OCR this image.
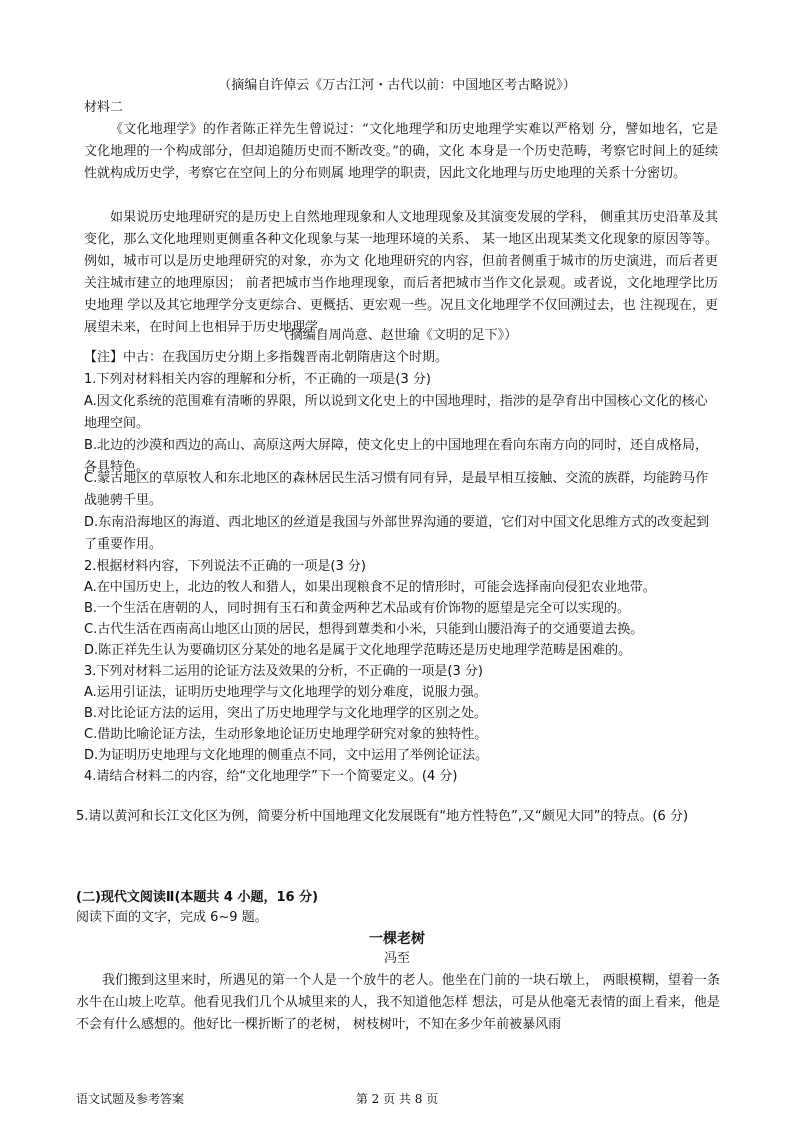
（摘编自许倬云《万古江河・古代以前：中国地区考古略说》）
材料二
《文化地理学》的作者陈正祥先生曾说过：“文化地理学和历史地理学实难以严格划 分，譬如地名，它是文化地理的一个构成部分，但却追随历史而不断改变。”的确，文化 本身是一个历史范畴，考察它时间上的延续性就构成历史学，考察它在空间上的分布则属 地理学的职责，因此文化地理与历史地理的关系十分密切。
如果说历史地理研究的是历史上自然地理现象和人文地理现象及其演变发展的学科， 侧重其历史沿革及其变化，那么文化地理则更侧重各种文化现象与某一地理环境的关系、 某一地区出现某类文化现象的原因等等。例如，城市可以是历史地理研究的对象，亦为文 化地理研究的内容，但前者侧重于城市的历史演进，而后者更关注城市建立的地理原因； 前者把城市当作地理现象，而后者把城市当作文化景观。或者说，文化地理学比历史地理 学以及其它地理学分支更综合、更概括、更宏观一些。况且文化地理学不仅回溯过去，也 注视现在，更展望未来，在时间上也相异于历史地理学。
（摘编自周尚意、赵世瑜《文明的足下》）
【注】中古：在我国历史分期上多指魏晋南北朝隋唐这个时期。
1.下列对材料相关内容的理解和分析，不正确的一项是(3 分)
A.因文化系统的范围难有清晰的界限，所以说到文化史上的中国地理时，指涉的是孕育出中国核心文化的核心地理空间。
B.北边的沙漠和西边的高山、高原这两大屏障，使文化史上的中国地理在看向东南方向的同时，还自成格局，各具特色。
C.蒙古地区的草原牧人和东北地区的森林居民生活习惯有同有异，是最早相互接触、交流的族群，均能跨马作战驰骋千里。
D.东南沿海地区的海道、西北地区的丝道是我国与外部世界沟通的要道，它们对中国文化思维方式的改变起到了重要作用。
2.根据材料内容，下列说法不正确的一项是(3 分)
A.在中国历史上，北边的牧人和猎人，如果出现粮食不足的情形时，可能会选择南向侵犯农业地带。
B.一个生活在唐朝的人，同时拥有玉石和黄金两种艺术品或有价饰物的愿望是完全可以实现的。
C.古代生活在西南高山地区山顶的居民，想得到蕈类和小米，只能到山腰沿海子的交通要道去换。
D.陈正祥先生认为要确切区分某处的地名是属于文化地理学范畴还是历史地理学范畴是困难的。
3.下列对材料二运用的论证方法及效果的分析，不正确的一项是(3 分)
A.运用引证法，证明历史地理学与文化地理学的划分难度，说服力强。
B.对比论证方法的运用，突出了历史地理学与文化地理学的区别之处。
C.借助比喻论证方法，生动形象地论证历史地理学研究对象的独特性。
D.为证明历史地理与文化地理的侧重点不同，文中运用了举例论证法。
4.请结合材料二的内容，给“文化地理学”下一个简要定义。(4 分)
5.请以黄河和长江文化区为例，简要分析中国地理文化发展既有“地方性特色”,又“颇见大同”的特点。(6 分)
(二)现代文阅读Ⅱ(本题共 4 小题，16 分)
阅读下面的文字，完成 6~9 题。
一棵老树
冯至
我们搬到这里来时，所遇见的第一个人是一个放牛的老人。他坐在门前的一块石墩上， 两眼模糊，望着一条水牛在山坡上吃草。他看见我们几个从城里来的人，我不知道他怎样 想法，可是从他毫无表情的面上看来，他是不会有什么感想的。他好比一棵折断了的老树， 树枝树叶，不知在多少年前被暴风雨
语文试题及参考答案	第 2 页 共 8 页
